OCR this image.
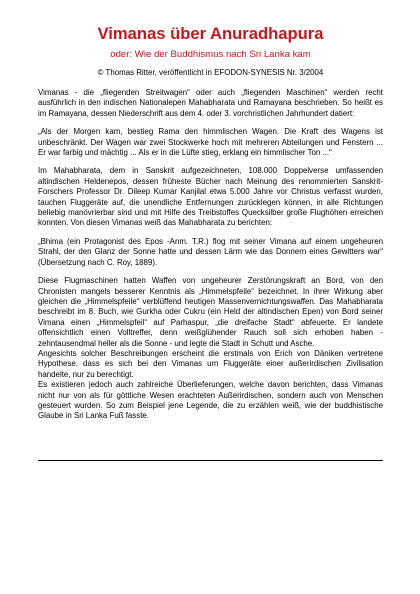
Vimanas über Anuradhapura

oder: Wie der Buddhismus nach Sri Lanka kam

© Thomas Ritter, veröffentlicht in EFODON-SYNESIS Nr. 3/2004

Vimanas - die „fliegenden Streitwagen“ oder auch „fliegenden Maschinen“ werden recht ausführlich in den indischen Nationalepen Mahabharata und Ramayana beschrieben. So heißt es im Ramayana, dessen Niederschrift aus dem 4. oder 3. vorchristlichen Jahrhundert datiert:

„Als der Morgen kam, bestieg Rama den himmlischen Wagen. Die Kraft des Wagens ist unbeschränkt. Der Wagen war zwei Stockwerke hoch mit mehreren Abteilungen und Fenstern ... Er war farbig und mächtig ... Als er in die Lüfte stieg, erklang ein himmlischer Ton ...“

Im Mahabharata, dem in Sanskrit aufgezeichneten, 108.000 Doppelverse umfassenden altindischen Heldenepos, dessen früheste Bücher nach Meinung des renommierten Sanskrit- Forschers Professor Dr. Dileep Kumar Kanjilal etwa 5.000 Jahre vor Christus verfasst wurden, tauchen Fluggeräte auf, die unendliche Entfernungen zurücklegen können, in alle Richtungen beliebig manövrierbar sind und mit Hilfe des Treibstoffes Quecksilber große Flughöhen erreichen konnten. Von diesen Vimanas weiß das Mahabharata zu berichten:

„Bhima (ein Protagonist des Epos -Anm. T.R.) flog mit seiner Vimana auf einem ungeheuren Strahl, der den Glanz der Sonne hatte und dessen Lärm wie das Donnern eines Gewitters war“ (Übersetzung nach C. Roy, 1889).

Diese Flugmaschinen hatten Waffen von ungeheurer Zerstörungskraft an Bord, von den Chronisten mangels besserer Kenntnis als „Himmelspfeile“ bezeichnet. In ihrer Wirkung aber gleichen die „Himmelspfeile“ verblüffend heutigen Massenvernichtungswaffen. Das Mahabharata beschreibt im 8. Buch, wie Gurkha oder Cukru (ein Held der altindischen Epen) von Bord seiner Vimana einen „Himmelspfeil“ auf Parhaspur, „die dreifache Stadt“ abfeuerte. Er landete offensichtlich einen Volltreffer, denn weißglühender Rauch soll sich erhoben haben - zehntausendmal heller als die Sonne - und legte die Stadt in Schutt und Asche.

Angesichts solcher Beschreibungen erscheint die erstmals von Erich von Däniken vertretene Hypothese, dass es sich bei den Vimanas um Fluggeräte einer außerirdischen Zivilisation handelte, nur zu berechtigt.

Es existieren jedoch auch zahlreiche Überlieferungen, welche davon berichten, dass Vimanas nicht nur von als für göttliche Wesen erachteten Außerirdischen, sondern auch von Menschen gesteuert wurden. So zum Beispiel jene Legende, die zu erzählen weiß, wie der buddhistische Glaube in Sri Lanka Fuß fasste.
